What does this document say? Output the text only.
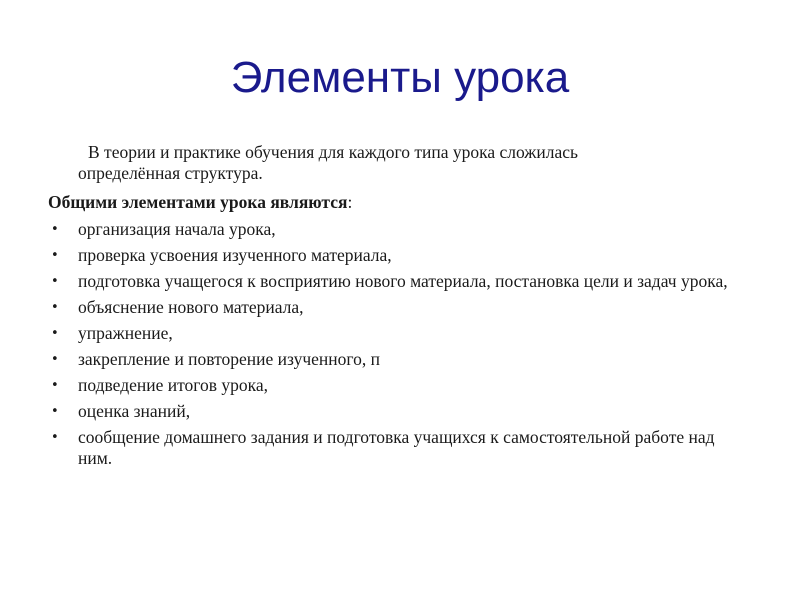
Элементы урока

В теории и практике обучения для каждого типа урока сложилась

определённая структура.

Общими элементами урока являются:

• организация начала урока,
• проверка усвоения изученного материала,
• подготовка учащегося к восприятию нового материала, постановка цели и задач урока,
• объяснение нового материала,
• упражнение,
• закрепление и повторение изученного, п
• подведение итогов урока,
• оценка знаний,
• сообщение домашнего задания и подготовка учащихся к самостоятельной работе над ним.
